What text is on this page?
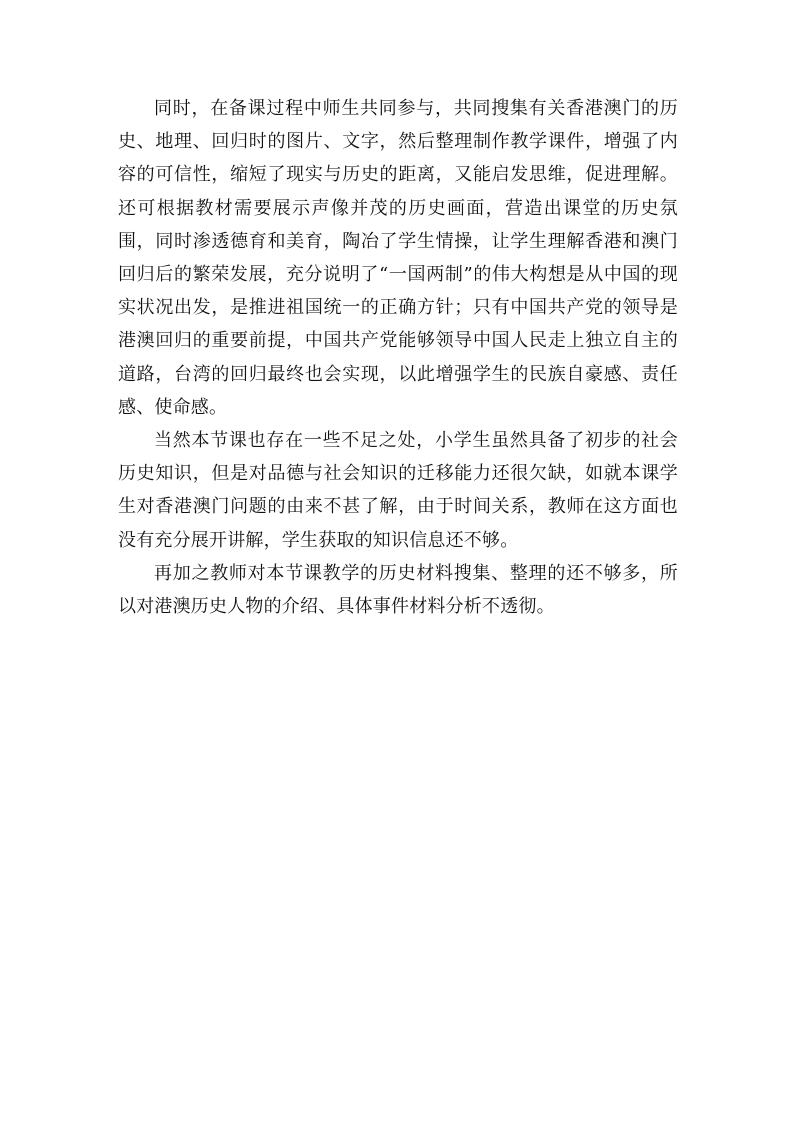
同时，在备课过程中师生共同参与，共同搜集有关香港澳门的历史、地理、回归时的图片、文字，然后整理制作教学课件，增强了内容的可信性，缩短了现实与历史的距离，又能启发思维，促进理解。还可根据教材需要展示声像并茂的历史画面，营造出课堂的历史氛围，同时渗透德育和美育，陶冶了学生情操，让学生理解香港和澳门回归后的繁荣发展，充分说明了“一国两制”的伟大构想是从中国的现实状况出发，是推进祖国统一的正确方针；只有中国共产党的领导是港澳回归的重要前提，中国共产党能够领导中国人民走上独立自主的道路，台湾的回归最终也会实现，以此增强学生的民族自豪感、责任感、使命感。

当然本节课也存在一些不足之处，小学生虽然具备了初步的社会历史知识，但是对品德与社会知识的迁移能力还很欠缺，如就本课学生对香港澳门问题的由来不甚了解，由于时间关系，教师在这方面也没有充分展开讲解，学生获取的知识信息还不够。

再加之教师对本节课教学的历史材料搜集、整理的还不够多，所以对港澳历史人物的介绍、具体事件材料分析不透彻。
